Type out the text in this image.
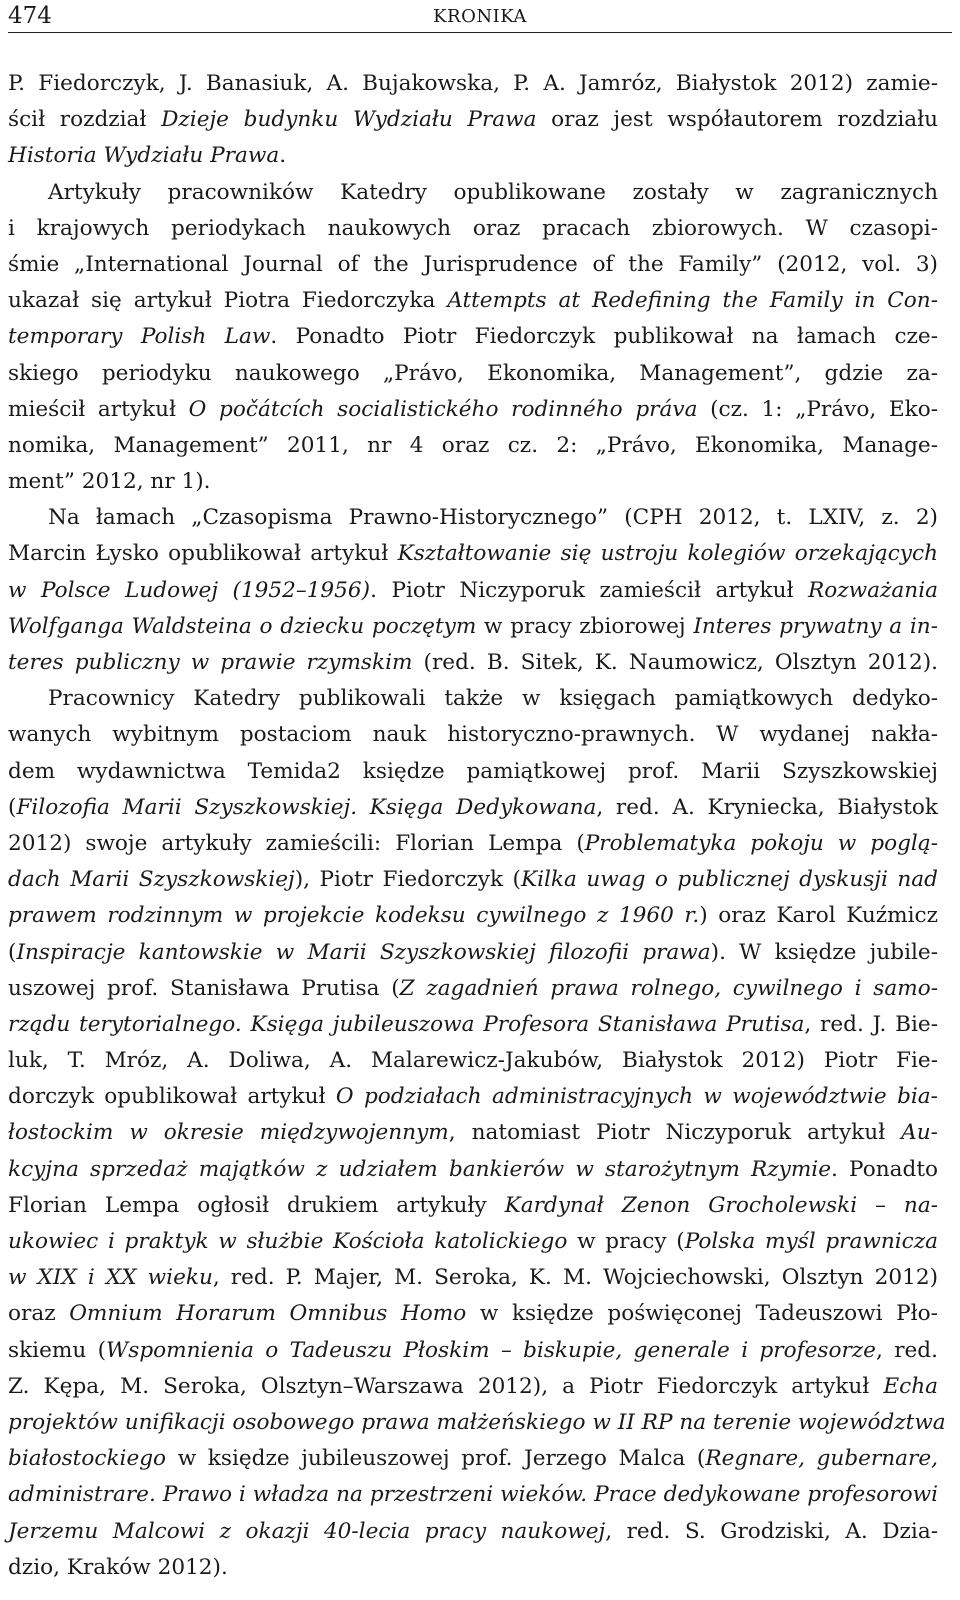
474	KRONIKA
P. Fiedorczyk, J. Banasiuk, A. Bujakowska, P. A. Jamróz, Białystok 2012) zamie-
ścił rozdział Dzieje budynku Wydziału Prawa oraz jest współautorem rozdziału
Historia Wydziału Prawa.
Artykuły pracowników Katedry opublikowane zostały w zagranicznych
i krajowych periodykach naukowych oraz pracach zbiorowych. W czasopi-
śmie „International Journal of the Jurisprudence of the Family” (2012, vol. 3)
ukazał się artykuł Piotra Fiedorczyka Attempts at Redefining the Family in Con-
temporary Polish Law. Ponadto Piotr Fiedorczyk publikował na łamach cze-
skiego periodyku naukowego „Právo, Ekonomika, Management”, gdzie za-
mieścił artykuł O počátcích socialistického rodinného práva (cz. 1: „Právo, Eko-
nomika, Management” 2011, nr 4 oraz cz. 2: „Právo, Ekonomika, Manage-
ment” 2012, nr 1).
Na łamach „Czasopisma Prawno-Historycznego” (CPH 2012, t. LXIV, z. 2)
Marcin Łysko opublikował artykuł Kształtowanie się ustroju kolegiów orzekających
w Polsce Ludowej (1952–1956). Piotr Niczyporuk zamieścił artykuł Rozważania
Wolfganga Waldsteina o dziecku poczętym w pracy zbiorowej Interes prywatny a in-
teres publiczny w prawie rzymskim (red. B. Sitek, K. Naumowicz, Olsztyn 2012).
Pracownicy Katedry publikowali także w księgach pamiątkowych dedyko-
wanych wybitnym postaciom nauk historyczno-prawnych. W wydanej nakła-
dem wydawnictwa Temida2 księdze pamiątkowej prof. Marii Szyszkowskiej
(Filozofia Marii Szyszkowskiej. Księga Dedykowana, red. A. Kryniecka, Białystok
2012) swoje artykuły zamieścili: Florian Lempa (Problematyka pokoju w poglą-
dach Marii Szyszkowskiej), Piotr Fiedorczyk (Kilka uwag o publicznej dyskusji nad
prawem rodzinnym w projekcie kodeksu cywilnego z 1960 r.) oraz Karol Kuźmicz
(Inspiracje kantowskie w Marii Szyszkowskiej filozofii prawa). W księdze jubile-
uszowej prof. Stanisława Prutisa (Z zagadnień prawa rolnego, cywilnego i samo-
rządu terytorialnego. Księga jubileuszowa Profesora Stanisława Prutisa, red. J. Bie-
luk, T. Mróz, A. Doliwa, A. Malarewicz-Jakubów, Białystok 2012) Piotr Fie-
dorczyk opublikował artykuł O podziałach administracyjnych w województwie bia-
łostockim w okresie międzywojennym, natomiast Piotr Niczyporuk artykuł Au-
kcyjna sprzedaż majątków z udziałem bankierów w starożytnym Rzymie. Ponadto
Florian Lempa ogłosił drukiem artykuły Kardynał Zenon Grocholewski – na-
ukowiec i praktyk w służbie Kościoła katolickiego w pracy (Polska myśl prawnicza
w XIX i XX wieku, red. P. Majer, M. Seroka, K. M. Wojciechowski, Olsztyn 2012)
oraz Omnium Horarum Omnibus Homo w księdze poświęconej Tadeuszowi Pło-
skiemu (Wspomnienia o Tadeuszu Płoskim – biskupie, generale i profesorze, red.
Z. Kępa, M. Seroka, Olsztyn–Warszawa 2012), a Piotr Fiedorczyk artykuł Echa
projektów unifikacji osobowego prawa małżeńskiego w II RP na terenie województwa
białostockiego w księdze jubileuszowej prof. Jerzego Malca (Regnare, gubernare,
administrare. Prawo i władza na przestrzeni wieków. Prace dedykowane profesorowi
Jerzemu Malcowi z okazji 40-lecia pracy naukowej, red. S. Grodziski, A. Dzia-
dzio, Kraków 2012).
